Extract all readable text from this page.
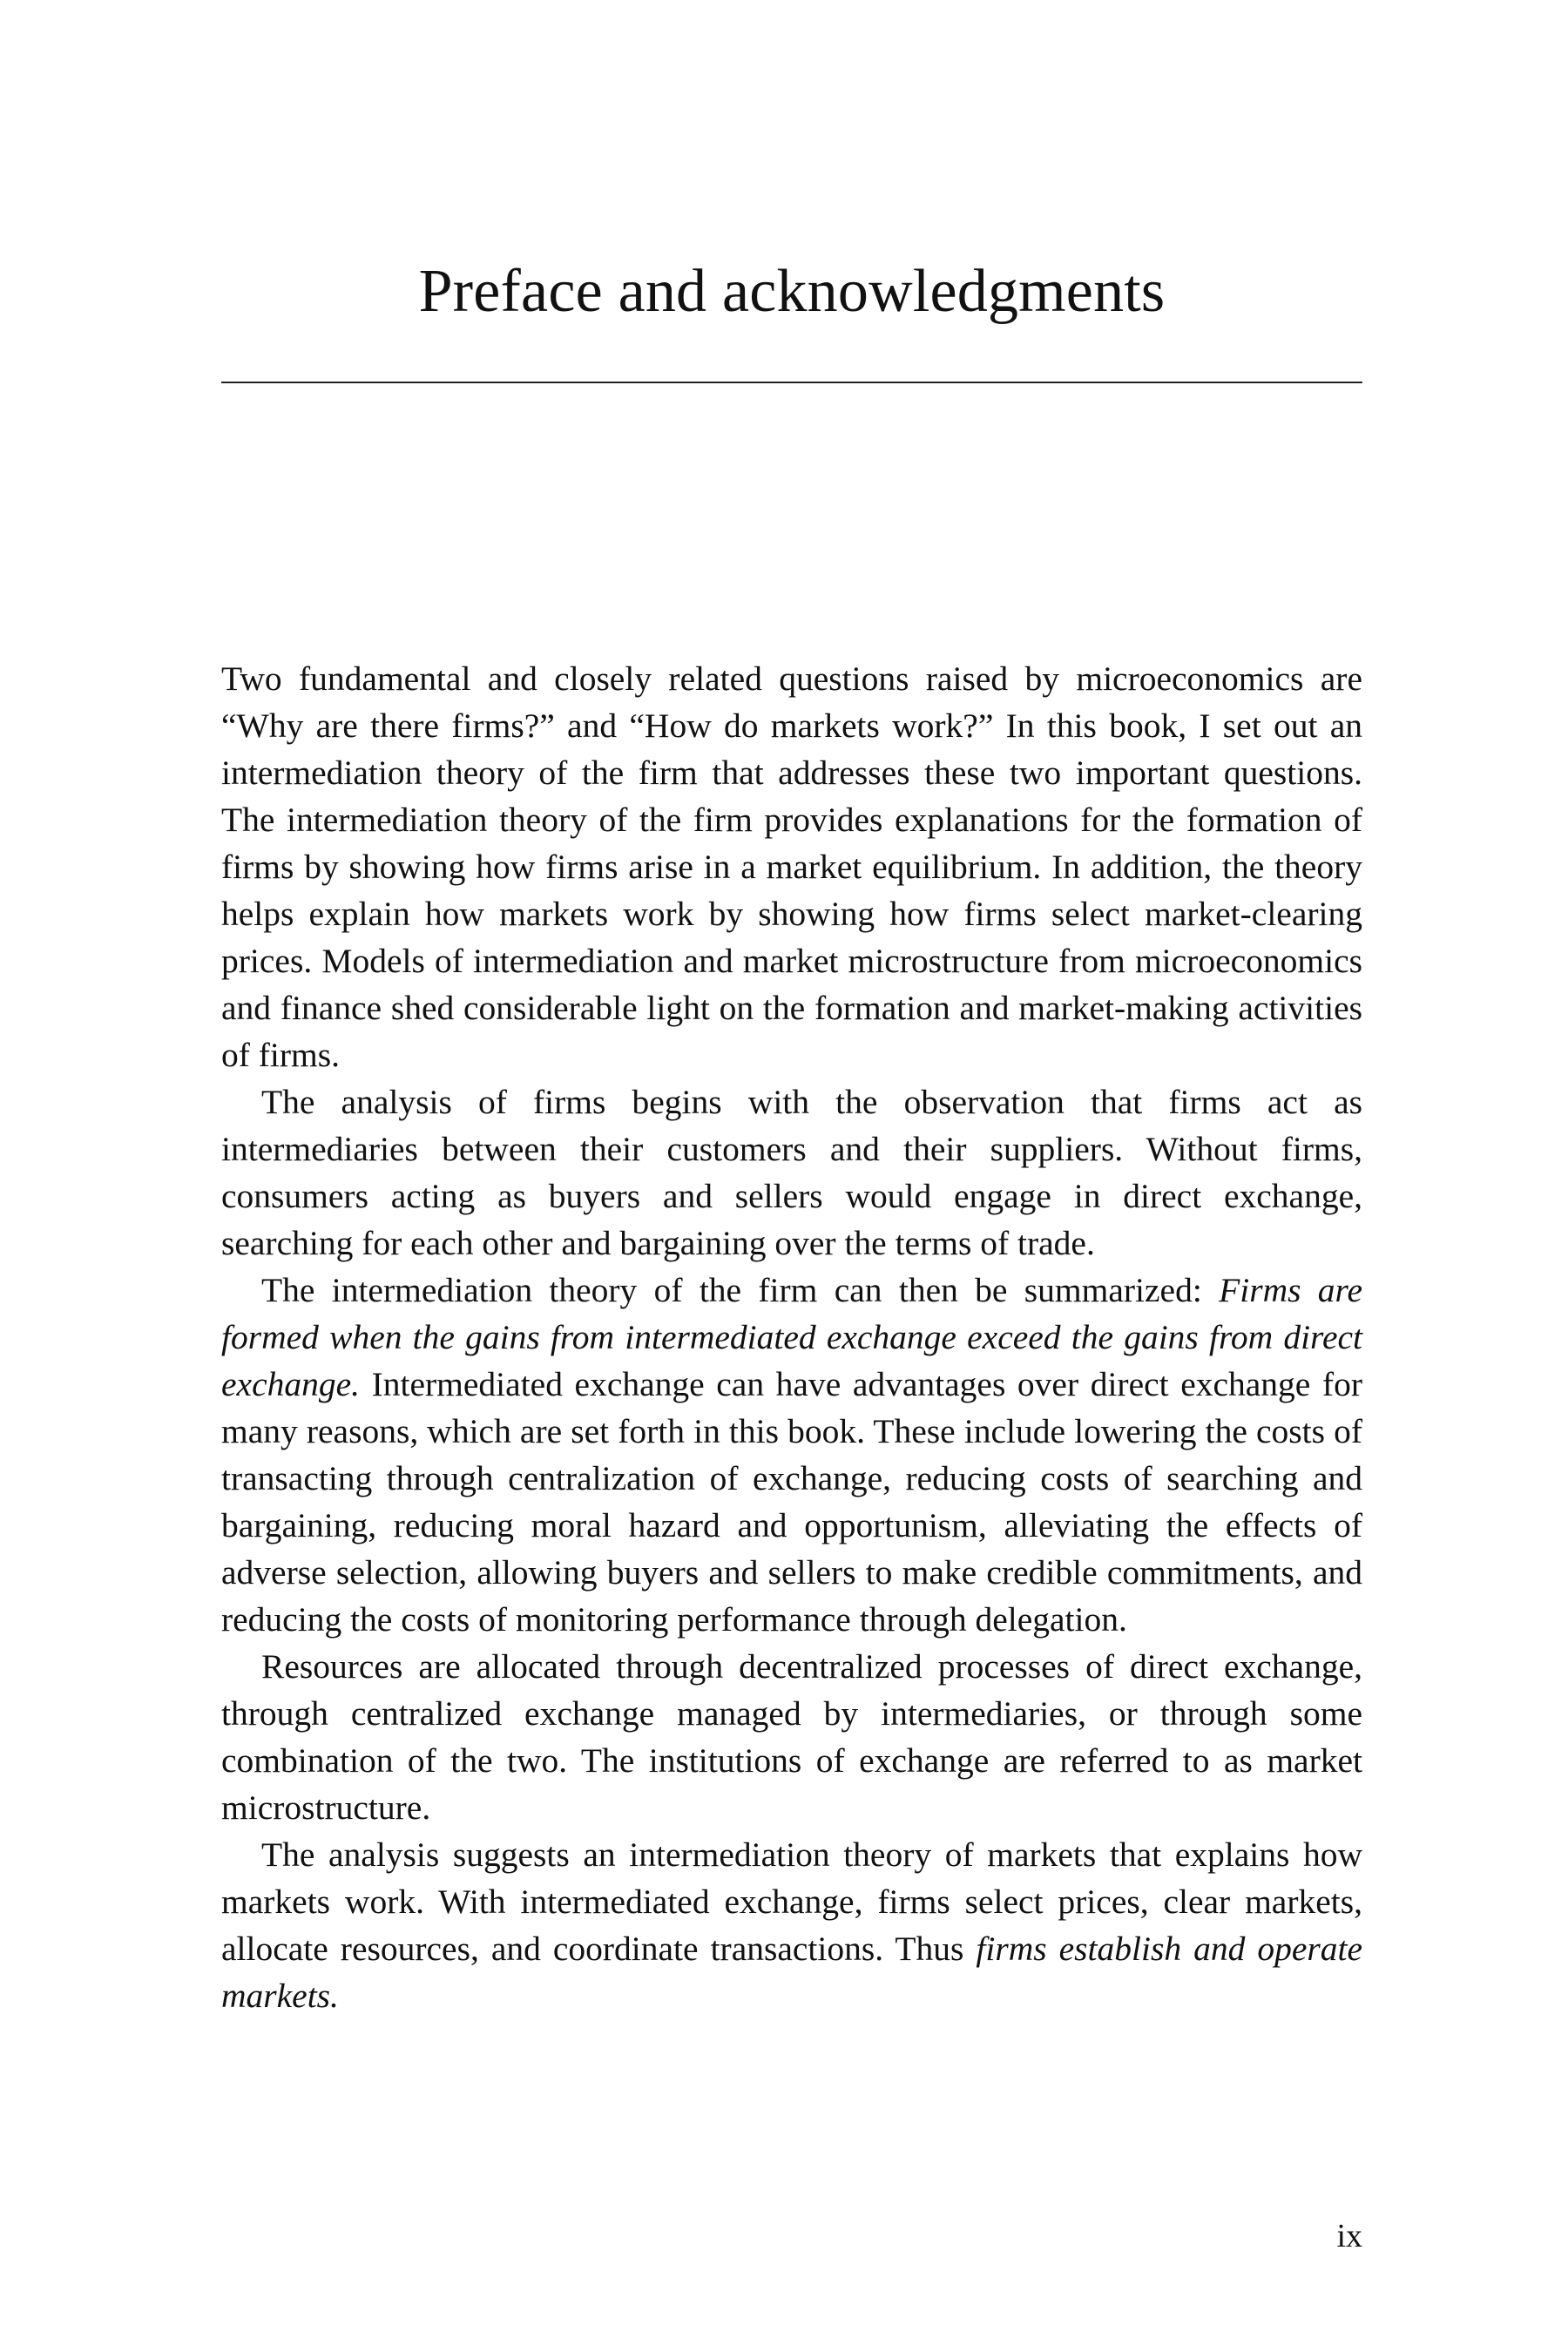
Preface and acknowledgments

Two fundamental and closely related questions raised by microeconomics are “Why are there firms?” and “How do markets work?” In this book, I set out an intermediation theory of the firm that addresses these two important questions. The intermediation theory of the firm provides explanations for the formation of firms by showing how firms arise in a market equilibrium. In addition, the theory helps explain how markets work by showing how firms select market-clearing prices. Models of intermediation and market microstructure from microeconomics and finance shed considerable light on the formation and market-making activities of firms.

The analysis of firms begins with the observation that firms act as intermediaries between their customers and their suppliers. Without firms, consumers acting as buyers and sellers would engage in direct exchange, searching for each other and bargaining over the terms of trade.

The intermediation theory of the firm can then be summarized: Firms are formed when the gains from intermediated exchange exceed the gains from direct exchange. Intermediated exchange can have advantages over direct exchange for many reasons, which are set forth in this book. These include lowering the costs of transacting through centralization of exchange, reducing costs of searching and bargaining, reducing moral hazard and opportunism, alleviating the effects of adverse selection, allowing buyers and sellers to make credible commitments, and reducing the costs of monitoring performance through delegation.

Resources are allocated through decentralized processes of direct exchange, through centralized exchange managed by intermediaries, or through some combination of the two. The institutions of exchange are referred to as market microstructure.

The analysis suggests an intermediation theory of markets that explains how markets work. With intermediated exchange, firms select prices, clear markets, allocate resources, and coordinate transactions. Thus firms establish and operate markets.

ix
